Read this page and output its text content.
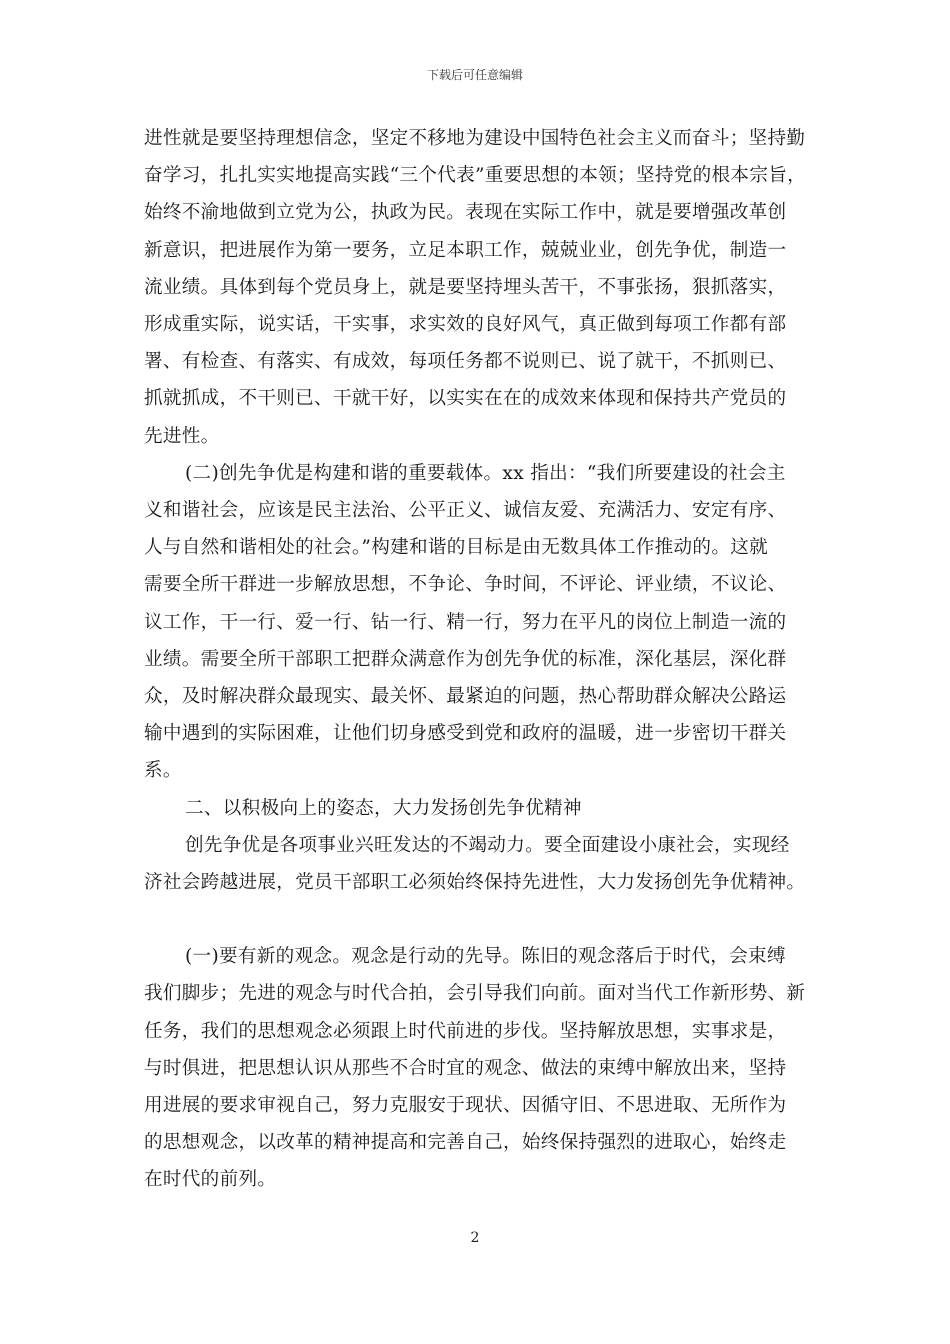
下载后可任意编辑

进性就是要坚持理想信念，坚定不移地为建设中国特色社会主义而奋斗；坚持勤
奋学习，扎扎实实地提高实践“三个代表”重要思想的本领；坚持党的根本宗旨，
始终不渝地做到立党为公，执政为民。表现在实际工作中，就是要增强改革创
新意识，把进展作为第一要务，立足本职工作，兢兢业业，创先争优，制造一
流业绩。具体到每个党员身上，就是要坚持埋头苦干，不事张扬，狠抓落实，
形成重实际，说实话，干实事，求实效的良好风气，真正做到每项工作都有部
署、有检查、有落实、有成效，每项任务都不说则已、说了就干，不抓则已、
抓就抓成，不干则已、干就干好，以实实在在的成效来体现和保持共产党员的
先进性。

(二)创先争优是构建和谐的重要载体。xx 指出：“我们所要建设的社会主
义和谐社会，应该是民主法治、公平正义、诚信友爱、充满活力、安定有序、
人与自然和谐相处的社会。”构建和谐的目标是由无数具体工作推动的。这就
需要全所干群进一步解放思想，不争论、争时间，不评论、评业绩，不议论、
议工作，干一行、爱一行、钻一行、精一行，努力在平凡的岗位上制造一流的
业绩。需要全所干部职工把群众满意作为创先争优的标准，深化基层，深化群
众，及时解决群众最现实、最关怀、最紧迫的问题，热心帮助群众解决公路运
输中遇到的实际困难，让他们切身感受到党和政府的温暖，进一步密切干群关
系。

二、以积极向上的姿态，大力发扬创先争优精神

创先争优是各项事业兴旺发达的不竭动力。要全面建设小康社会，实现经
济社会跨越进展，党员干部职工必须始终保持先进性，大力发扬创先争优精神。

(一)要有新的观念。观念是行动的先导。陈旧的观念落后于时代，会束缚
我们脚步；先进的观念与时代合拍，会引导我们向前。面对当代工作新形势、新
任务，我们的思想观念必须跟上时代前进的步伐。坚持解放思想，实事求是，
与时俱进，把思想认识从那些不合时宜的观念、做法的束缚中解放出来，坚持
用进展的要求审视自己，努力克服安于现状、因循守旧、不思进取、无所作为
的思想观念，以改革的精神提高和完善自己，始终保持强烈的进取心，始终走
在时代的前列。

2
